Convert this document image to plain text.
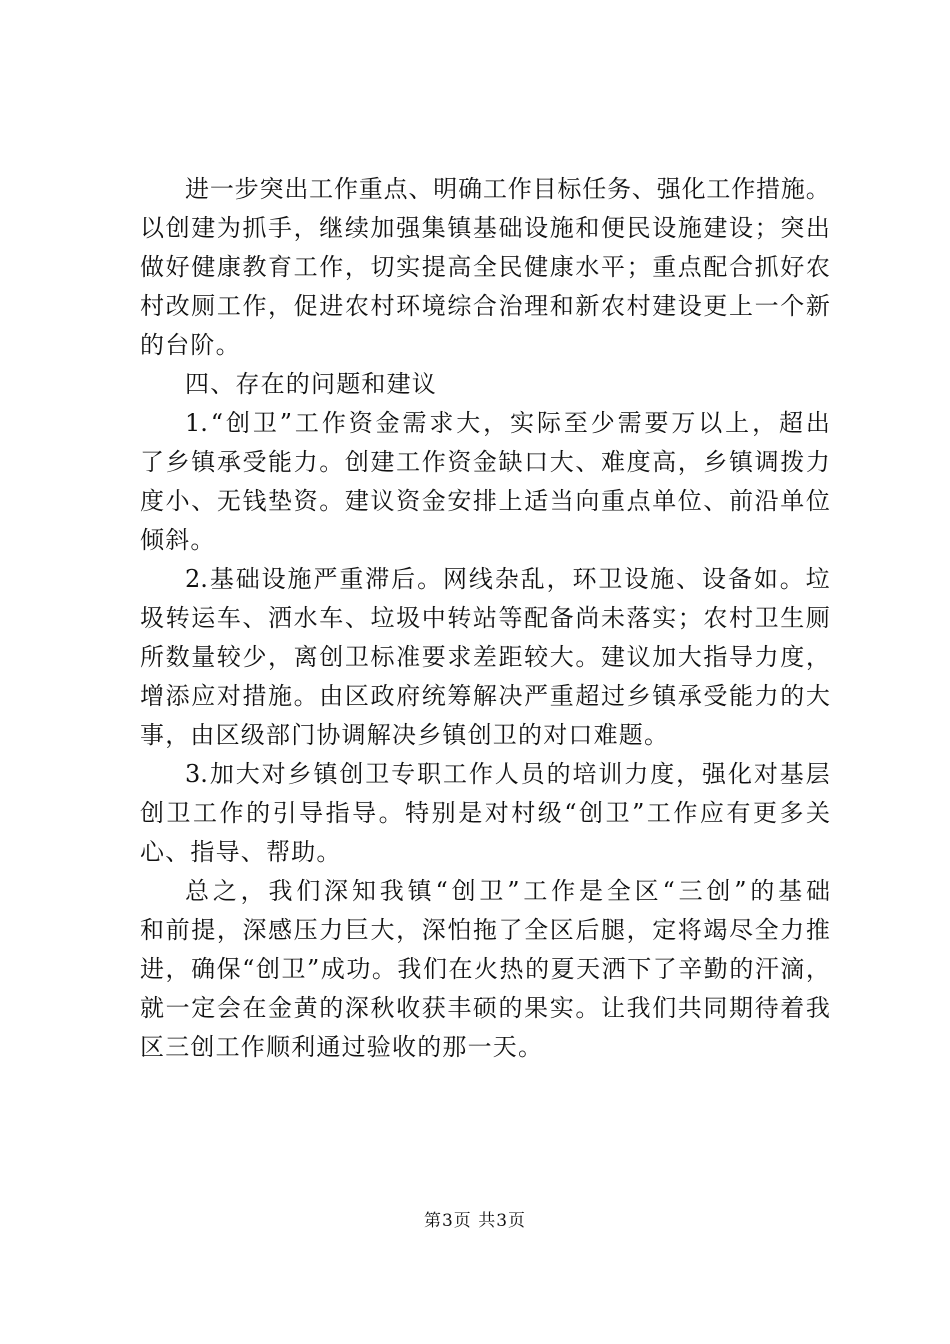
进 一 步 突 出 工 作 重 点 、 明 确 工 作 目 标 任 务 、 强 化 工 作 措 施 。
以 创 建 为 抓 手 ， 继 续 加 强 集 镇 基 础 设 施 和 便 民 设 施 建 设 ； 突 出
做 好 健 康 教 育 工 作 ， 切 实 提 高 全 民 健 康 水 平 ； 重 点 配 合 抓 好 农
村 改 厕 工 作 ， 促 进 农 村 环 境 综 合 治 理 和 新 农 村 建 设 更 上 一 个 新
的台阶。
四、存在的问题和建议
1. “ 创 卫 ” 工 作 资 金 需 求 大 ， 实 际 至 少 需 要 万 以 上 ， 超 出
了 乡 镇 承 受 能 力 。 创 建 工 作 资 金 缺 口 大 、 难 度 高 ， 乡 镇 调 拨 力
度 小 、 无 钱 垫 资 。 建 议 资 金 安 排 上 适 当 向 重 点 单 位 、 前 沿 单 位
倾斜。
2. 基 础 设 施 严 重 滞 后 。 网 线 杂 乱 ， 环 卫 设 施 、 设 备 如 。 垃
圾 转 运 车 、 洒 水 车 、 垃 圾 中 转 站 等 配 备 尚 未 落 实 ； 农 村 卫 生 厕
所 数 量 较 少 ， 离 创 卫 标 准 要 求 差 距 较 大 。 建 议 加 大 指 导 力 度 ，
增 添 应 对 措 施 。 由 区 政 府 统 筹 解 决 严 重 超 过 乡 镇 承 受 能 力 的 大
事，由区级部门协调解决乡镇创卫的对口难题。
3. 加 大 对 乡 镇 创 卫 专 职 工 作 人 员 的 培 训 力 度 ， 强 化 对 基 层
创 卫 工 作 的 引 导 指 导 。 特 别 是 对 村 级 “ 创 卫 ” 工 作 应 有 更 多 关
心、指导、帮助。
总 之 ， 我 们 深 知 我 镇 “ 创 卫 ” 工 作 是 全 区 “ 三 创 ” 的 基 础
和 前 提 ， 深 感 压 力 巨 大 ， 深 怕 拖 了 全 区 后 腿 ， 定 将 竭 尽 全 力 推
进 ， 确 保 “ 创 卫 ” 成 功 。 我 们 在 火 热 的 夏 天 洒 下 了 辛 勤 的 汗 滴 ，
就 一 定 会 在 金 黄 的 深 秋 收 获 丰 硕 的 果 实 。 让 我 们 共 同 期 待 着 我
区三创工作顺利通过验收的那一天。
第3页 共3页
